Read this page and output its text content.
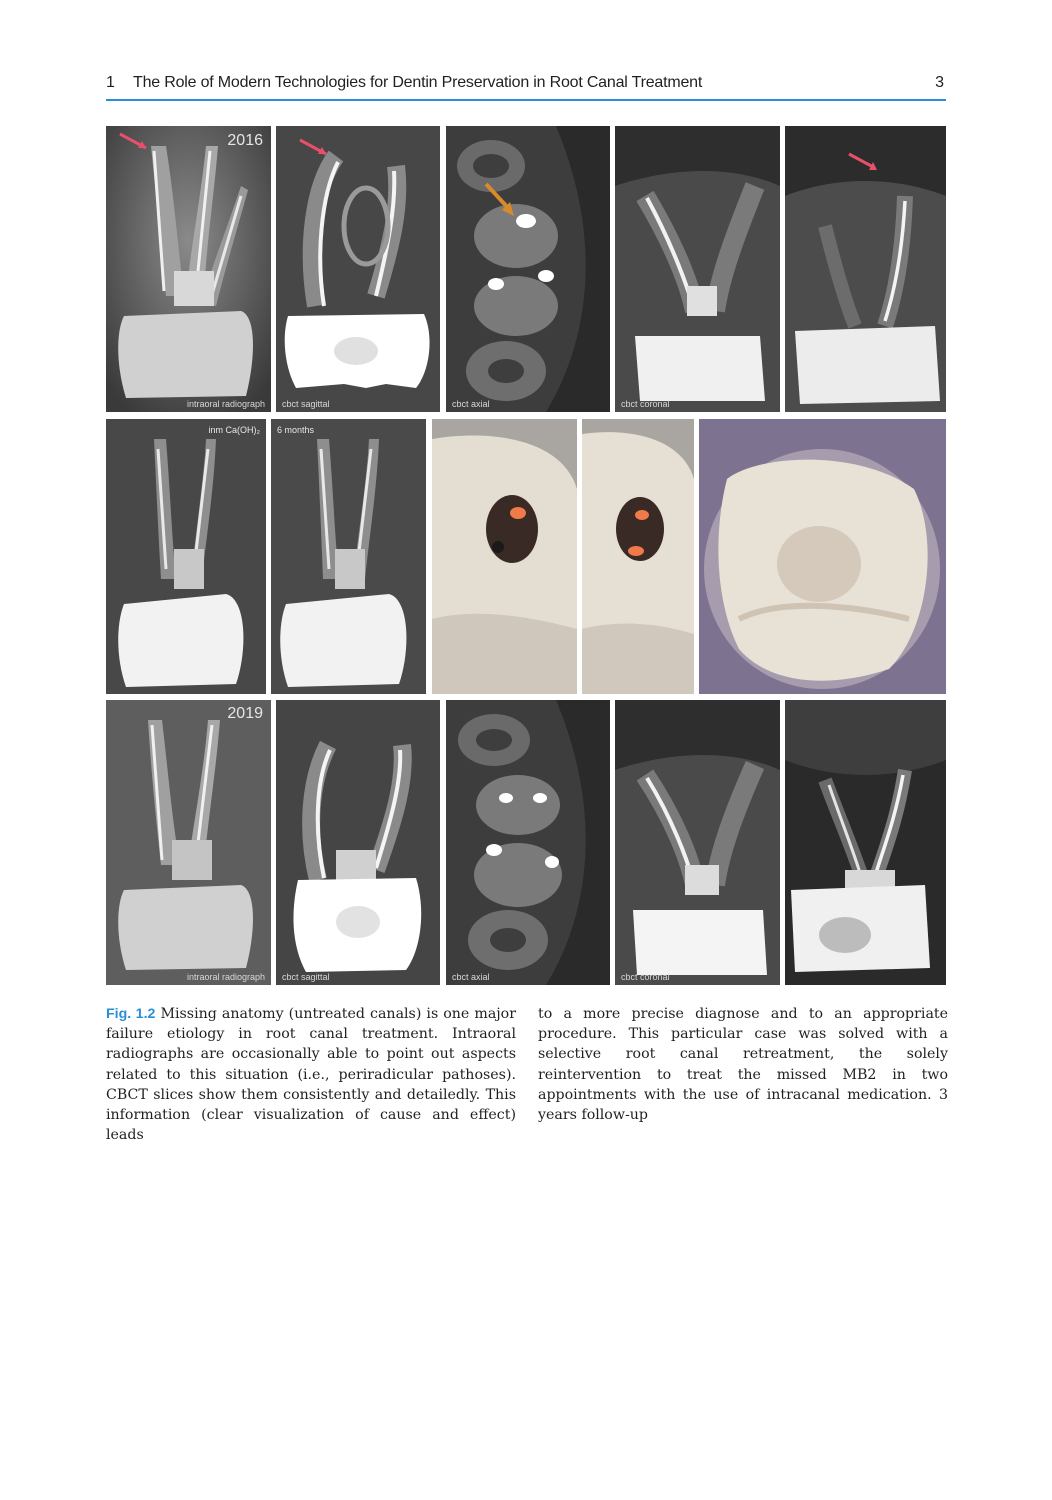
1 The Role of Modern Technologies for Dentin Preservation in Root Canal Treatment	3
2016
intraoral radiograph cbct sagittal	cbct axial	cbct coronal
inm Ca(OH)₂ 6 months
2019
intraoral radiograph cbct sagittal	cbct axial	cbct coronal
Fig. 1.2 Missing anatomy (untreated canals) is one major failure etiology in root canal treatment. Intraoral radiographs are occasionally able to point out aspects related to this situation (i.e., periradicular pathoses). CBCT slices show them consistently and detailedly. This information (clear visualization of cause and effect) leads
to a more precise diagnose and to an appropriate procedure. This particular case was solved with a selective root canal retreatment, the solely reintervention to treat the missed MB2 in two appointments with the use of intracanal medication. 3 years follow-up
